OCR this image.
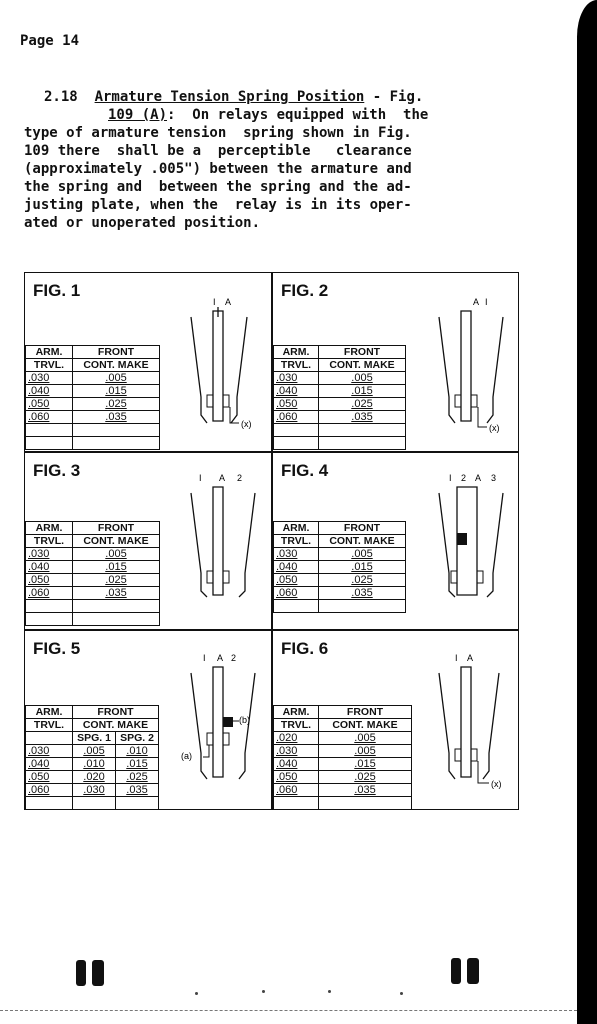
Page 14
2.18 Armature Tension Spring Position - Fig.
109 (A):  On relays equipped with  the
type of armature tension  spring shown in Fig.
109 there  shall be a  perceptible   clearance
(approximately .005") between the armature and
the spring and  between the spring and the ad-
justing plate, when the  relay is in its oper-
ated or unoperated position.
FIG. 1
ARM.	FRONT
TRVL.	CONT. MAKE
.030	.005
.040	.015
.050	.025
.060	.035

I A
(x)
FIG. 2
ARM.	FRONT
TRVL.	CONT. MAKE
.030	.005
.040	.015
.050	.025
.060	.035

A I
(x)
FIG. 3
ARM.	FRONT
TRVL.	CONT. MAKE
.030	.005
.040	.015
.050	.025
.060	.035

I A 2 FIG. 4
ARM.	FRONT
TRVL.	CONT. MAKE
.030	.005
.040	.015
.050	.025
.060	.035

I 2 A 3
FIG. 5
ARM.	FRONT	
TRVL.	CONT. MAKE	
	SPG. 1	SPG. 2
.030	.005	.010
.040	.010	.015
.050	.020	.025
.060	.030	.035

I A 2
(b)
(a)
FIG. 6
ARM.	FRONT
TRVL.	CONT. MAKE
.020	.005
.030	.005
.040	.015
.050	.025
.060	.035

I A
(x)
